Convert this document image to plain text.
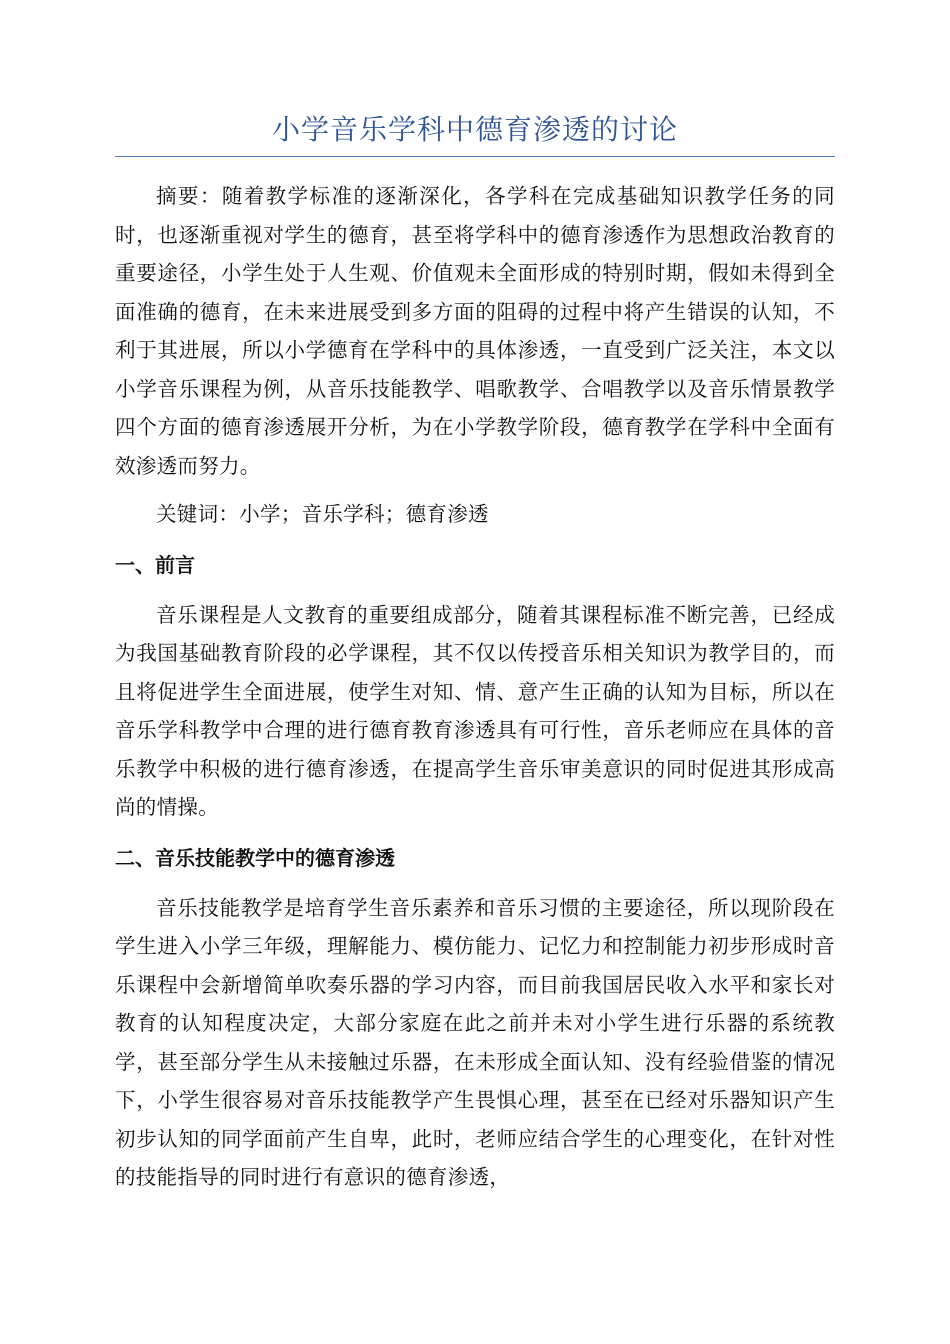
小学音乐学科中德育渗透的讨论

摘要：随着教学标准的逐渐深化，各学科在完成基础知识教学任务的同时，也逐渐重视对学生的德育，甚至将学科中的德育渗透作为思想政治教育的重要途径，小学生处于人生观、价值观未全面形成的特别时期，假如未得到全面准确的德育，在未来进展受到多方面的阻碍的过程中将产生错误的认知，不利于其进展，所以小学德育在学科中的具体渗透，一直受到广泛关注，本文以小学音乐课程为例，从音乐技能教学、唱歌教学、合唱教学以及音乐情景教学四个方面的德育渗透展开分析，为在小学教学阶段，德育教学在学科中全面有效渗透而努力。

关键词：小学；音乐学科；德育渗透

一、前言

音乐课程是人文教育的重要组成部分，随着其课程标准不断完善，已经成为我国基础教育阶段的必学课程，其不仅以传授音乐相关知识为教学目的，而且将促进学生全面进展，使学生对知、情、意产生正确的认知为目标，所以在音乐学科教学中合理的进行德育教育渗透具有可行性，音乐老师应在具体的音乐教学中积极的进行德育渗透，在提高学生音乐审美意识的同时促进其形成高尚的情操。

二、音乐技能教学中的德育渗透

音乐技能教学是培育学生音乐素养和音乐习惯的主要途径，所以现阶段在学生进入小学三年级，理解能力、模仿能力、记忆力和控制能力初步形成时音乐课程中会新增简单吹奏乐器的学习内容，而目前我国居民收入水平和家长对教育的认知程度决定，大部分家庭在此之前并未对小学生进行乐器的系统教学，甚至部分学生从未接触过乐器，在未形成全面认知、没有经验借鉴的情况下，小学生很容易对音乐技能教学产生畏惧心理，甚至在已经对乐器知识产生初步认知的同学面前产生自卑，此时，老师应结合学生的心理变化，在针对性的技能指导的同时进行有意识的德育渗透，
